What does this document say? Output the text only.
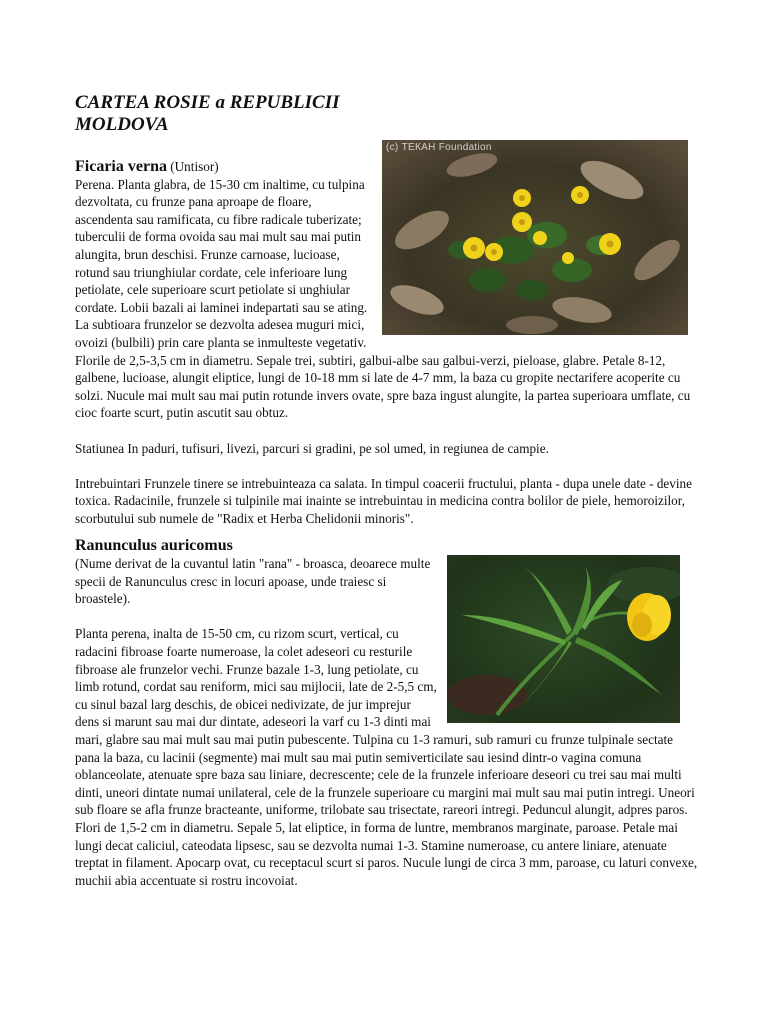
CARTEA ROSIE a REPUBLICII MOLDOVA
(c) ТЕКАН Foundation

Ficaria verna (Untisor)

Perena. Planta glabra, de 15-30 cm inaltime, cu tulpina dezvoltata, cu frunze pana aproape de floare, ascendenta sau ramificata, cu fibre radicale tuberizate; tuberculii de forma ovoida sau mai mult sau mai putin alungita, brun deschisi. Frunze carnoase, lucioase, rotund sau triunghiular cordate, cele inferioare lung petiolate, cele superioare scurt petiolate si unghiular cordate. Lobii bazali ai laminei indepartati sau se ating. La subtioara frunzelor se dezvolta adesea muguri mici, ovoizi (bulbili) prin care planta se inmulteste vegetativ. Florile de 2,5-3,5 cm in diametru. Sepale trei, subtiri, galbui-albe sau galbui-verzi, pieloase, glabre. Petale 8-12, galbene, lucioase, alungit eliptice, lungi de 10-18 mm si late de 4-7 mm, la baza cu gropite nectarifere acoperite cu solzi. Nucule mai mult sau mai putin rotunde invers ovate, spre baza ingust alungite, la partea superioara umflate, cu cioc foarte scurt, putin ascutit sau obtuz.

Statiunea In paduri, tufisuri, livezi, parcuri si gradini, pe sol umed, in regiunea de campie.

Intrebuintari Frunzele tinere se intrebuinteaza ca salata. In timpul coacerii fructului, planta - dupa unele date - devine toxica. Radacinile, frunzele si tulpinile mai inainte se intrebuintau in medicina contra bolilor de piele, hemoroizilor, scorbutului sub numele de "Radix et Herba Chelidonii minoris".

Ranunculus auricomus

(Nume derivat de la cuvantul latin "rana" - broasca, deoarece multe specii de Ranunculus cresc in locuri apoase, unde traiesc si broastele).

Planta perena, inalta de 15-50 cm, cu rizom scurt, vertical, cu radacini fibroase foarte numeroase, la colet adeseori cu resturile fibroase ale frunzelor vechi. Frunze bazale 1-3, lung petiolate, cu limb rotund, cordat sau reniform, mici sau mijlocii, late de 2-5,5 cm, cu sinul bazal larg deschis, de obicei nedivizate, de jur imprejur dens si marunt sau mai dur dintate, adeseori la varf cu 1-3 dinti mai mari, glabre sau mai mult sau mai putin pubescente. Tulpina cu 1-3 ramuri, sub ramuri cu frunze tulpinale sectate pana la baza, cu lacinii (segmente) mai mult sau mai putin semiverticilate sau iesind dintr-o vagina comuna oblanceolate, atenuate spre baza sau liniare, decrescente; cele de la frunzele inferioare deseori cu trei sau mai multi dinti, uneori dintate numai unilateral, cele de la frunzele superioare cu margini mai mult sau mai putin intregi. Uneori sub floare se afla frunze bracteante, uniforme, trilobate sau trisectate, rareori intregi. Peduncul alungit, adpres paros. Flori de 1,5-2 cm in diametru. Sepale 5, lat eliptice, in forma de luntre, membranos marginate, paroase. Petale mai lungi decat caliciul, cateodata lipsesc, sau se dezvolta numai 1-3. Stamine numeroase, cu antere liniare, atenuate treptat in filament. Apocarp ovat, cu receptacul scurt si paros. Nucule lungi de circa 3 mm, paroase, cu laturi convexe, muchii abia accentuate si rostru incovoiat.
